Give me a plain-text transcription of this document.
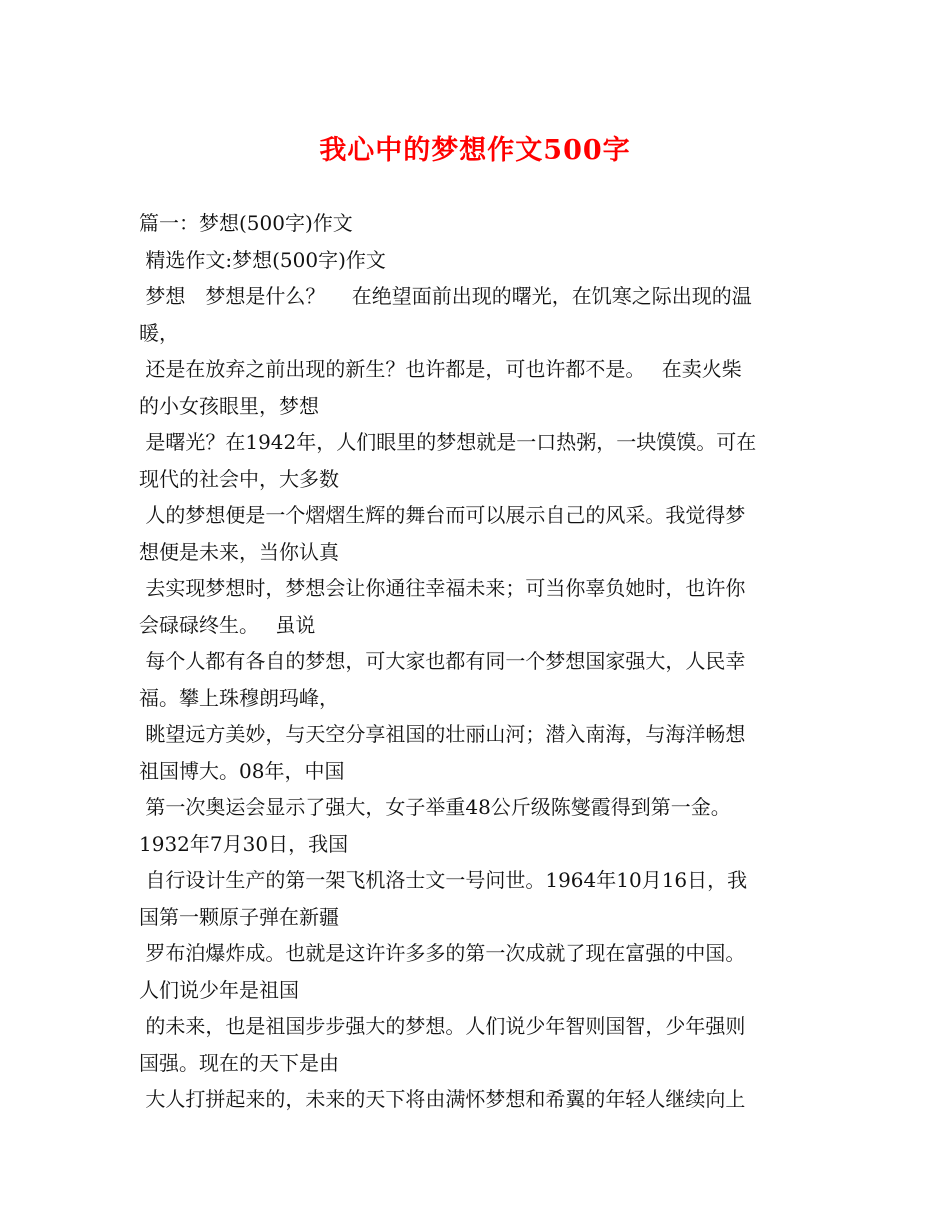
我心中的梦想作文500字
篇一：梦想(500字)作文
精选作文:梦想(500字)作文
梦想　梦想是什么？　 在绝望面前出现的曙光，在饥寒之际出现的温
暖，
还是在放弃之前出现的新生？也许都是，可也许都不是。　 在卖火柴
的小女孩眼里，梦想
是曙光？在1942年，人们眼里的梦想就是一口热粥，一块馍馍。可在
现代的社会中，大多数
人的梦想便是一个熠熠生辉的舞台而可以展示自己的风采。我觉得梦
想便是未来，当你认真
去实现梦想时，梦想会让你通往幸福未来；可当你辜负她时，也许你
会碌碌终生。　 虽说
每个人都有各自的梦想，可大家也都有同一个梦想国家强大，人民幸
福。攀上珠穆朗玛峰，
眺望远方美妙，与天空分享祖国的壮丽山河；潜入南海，与海洋畅想
祖国博大。08年，中国
第一次奥运会显示了强大，女子举重48公斤级陈燮霞得到第一金。
1932年7月30日，我国
自行设计生产的第一架飞机洛士文一号问世。1964年10月16日，我
国第一颗原子弹在新疆
罗布泊爆炸成。也就是这许许多多的第一次成就了现在富强的中国。
人们说少年是祖国
的未来，也是祖国步步强大的梦想。人们说少年智则国智，少年强则
国强。现在的天下是由
大人打拼起来的，未来的天下将由满怀梦想和希翼的年轻人继续向上
